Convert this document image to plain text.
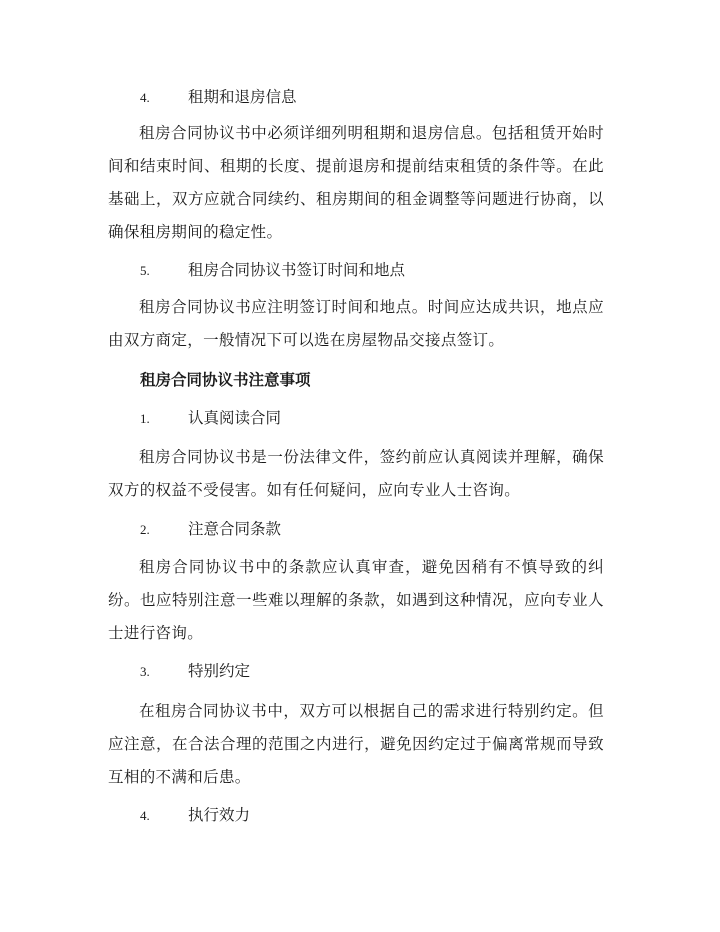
4. 租期和退房信息
租房合同协议书中必须详细列明租期和退房信息。包括租赁开始时间和结束时间、租期的长度、提前退房和提前结束租赁的条件等。在此基础上，双方应就合同续约、租房期间的租金调整等问题进行协商，以确保租房期间的稳定性。
5. 租房合同协议书签订时间和地点
租房合同协议书应注明签订时间和地点。时间应达成共识，地点应由双方商定，一般情况下可以选在房屋物品交接点签订。
租房合同协议书注意事项
1. 认真阅读合同
租房合同协议书是一份法律文件，签约前应认真阅读并理解，确保双方的权益不受侵害。如有任何疑问，应向专业人士咨询。
2. 注意合同条款
租房合同协议书中的条款应认真审查，避免因稍有不慎导致的纠纷。也应特别注意一些难以理解的条款，如遇到这种情况，应向专业人士进行咨询。
3. 特别约定
在租房合同协议书中，双方可以根据自己的需求进行特别约定。但应注意，在合法合理的范围之内进行，避免因约定过于偏离常规而导致互相的不满和后患。
4. 执行效力
